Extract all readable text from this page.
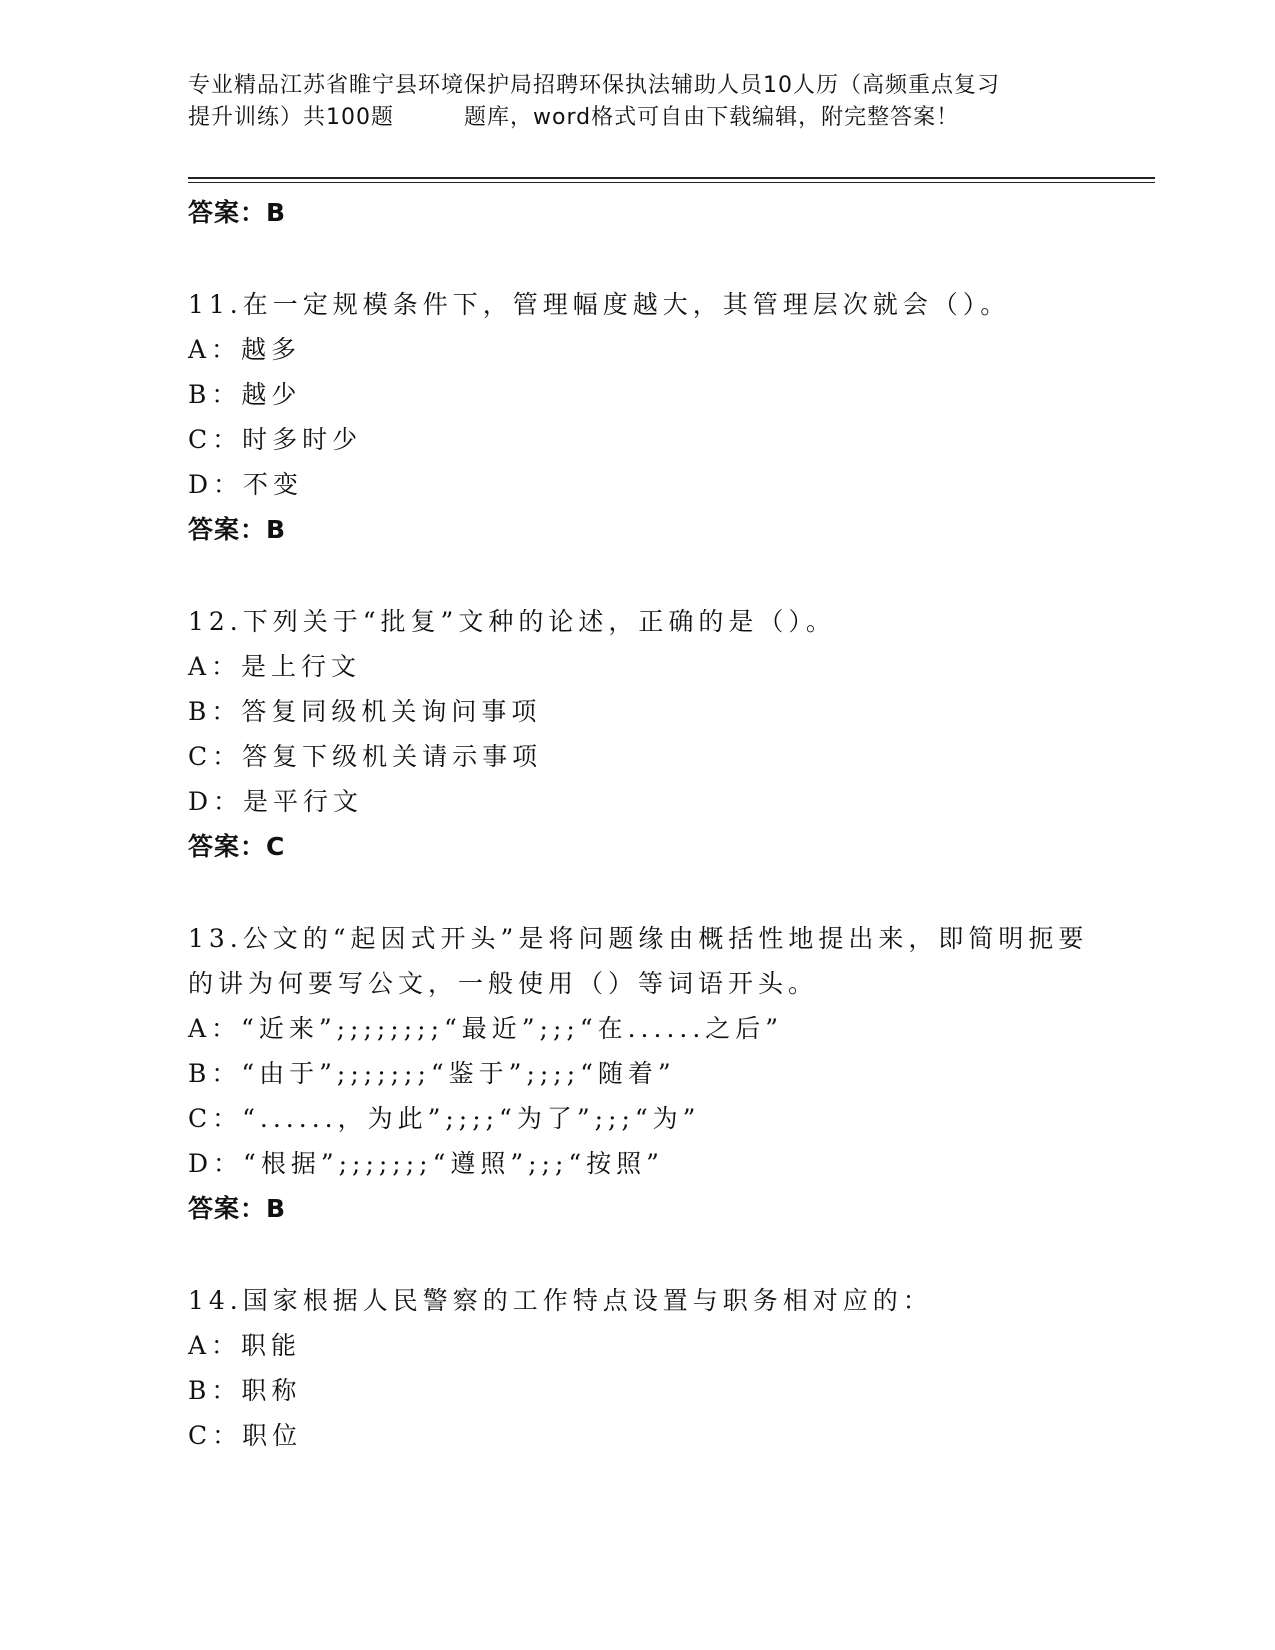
专业精品江苏省睢宁县环境保护局招聘环保执法辅助人员10人历（高频重点复习
提升训练）共100题	题库，word格式可自由下载编辑，附完整答案！
答案：B
11.在一定规模条件下，管理幅度越大，其管理层次就会（）。
A：越多
B：越少
C：时多时少
D：不变
答案：B
12.下列关于“批复”文种的论述，正确的是（）。
A：是上行文
B：答复同级机关询问事项
C：答复下级机关请示事项
D：是平行文
答案：C
13.公文的“起因式开头”是将问题缘由概括性地提出来，即简明扼要
的讲为何要写公文，一般使用（）等词语开头。
A：“近来”;;;;;;;;“最近”;;;“在......之后”
B：“由于”;;;;;;;“鉴于”;;;;“随着”
C：“......，为此”;;;;“为了”;;;“为”
D：“根据”;;;;;;;“遵照”;;;“按照”
答案：B
14.国家根据人民警察的工作特点设置与职务相对应的：
A：职能
B：职称
C：职位
